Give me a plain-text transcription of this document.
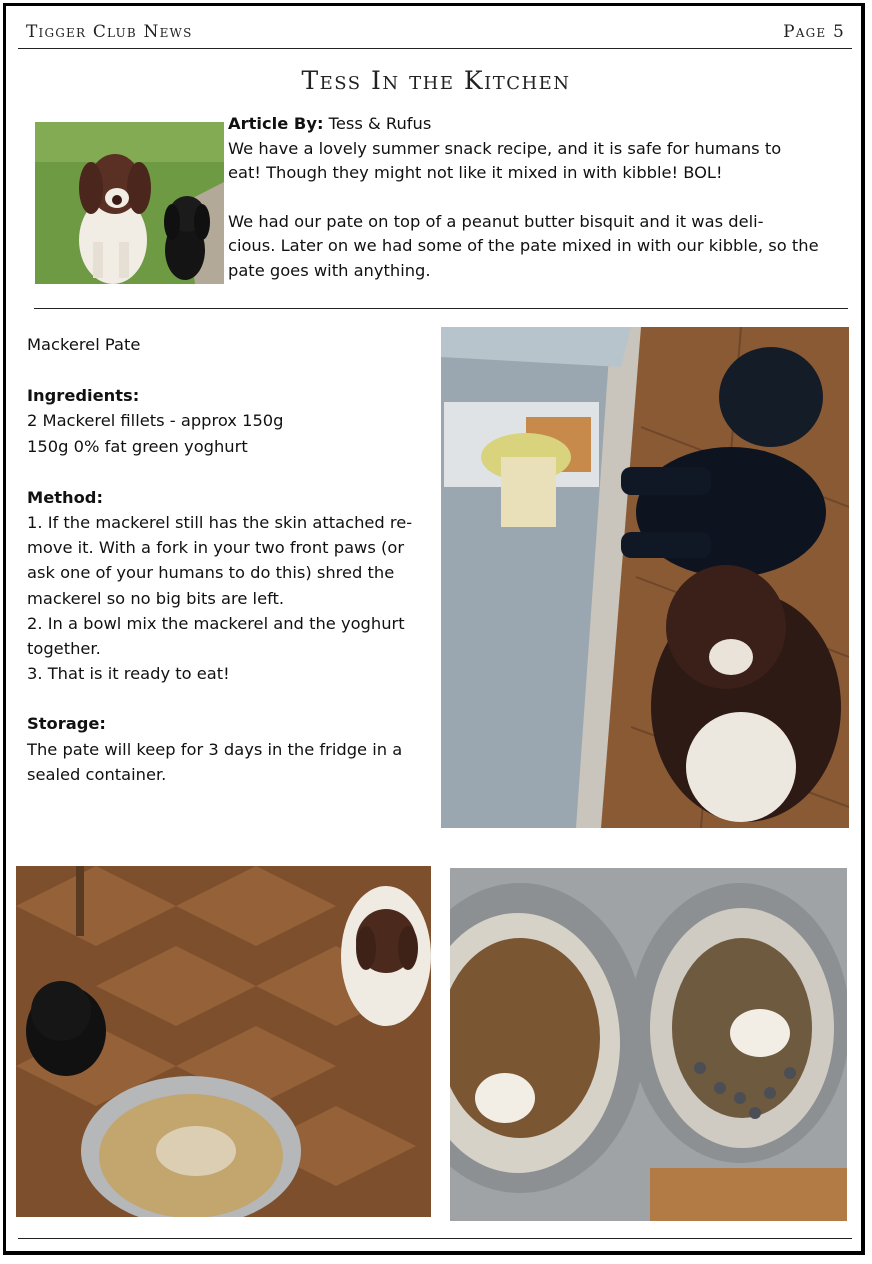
Tigger Club News	Page 5
Tess In the Kitchen

Article By: Tess & Rufus

We have a lovely summer snack recipe, and it is safe for humans to

eat! Though they might not like it mixed in with kibble! BOL!

We had our pate on top of a peanut butter bisquit and it was deli-

cious. Later on we had some of the pate mixed in with our kibble, so the

pate goes with anything.

Mackerel Pate

Ingredients:

2 Mackerel fillets - approx 150g

150g 0% fat green yoghurt

Method:

1. If the mackerel still has the skin attached re-

move it. With a fork in your two front paws (or

ask one of your humans to do this) shred the

mackerel so no big bits are left.

2. In a bowl mix the mackerel and the yoghurt

together.

3. That is it ready to eat!

Storage:

The pate will keep for 3 days in the fridge in a

sealed container.
